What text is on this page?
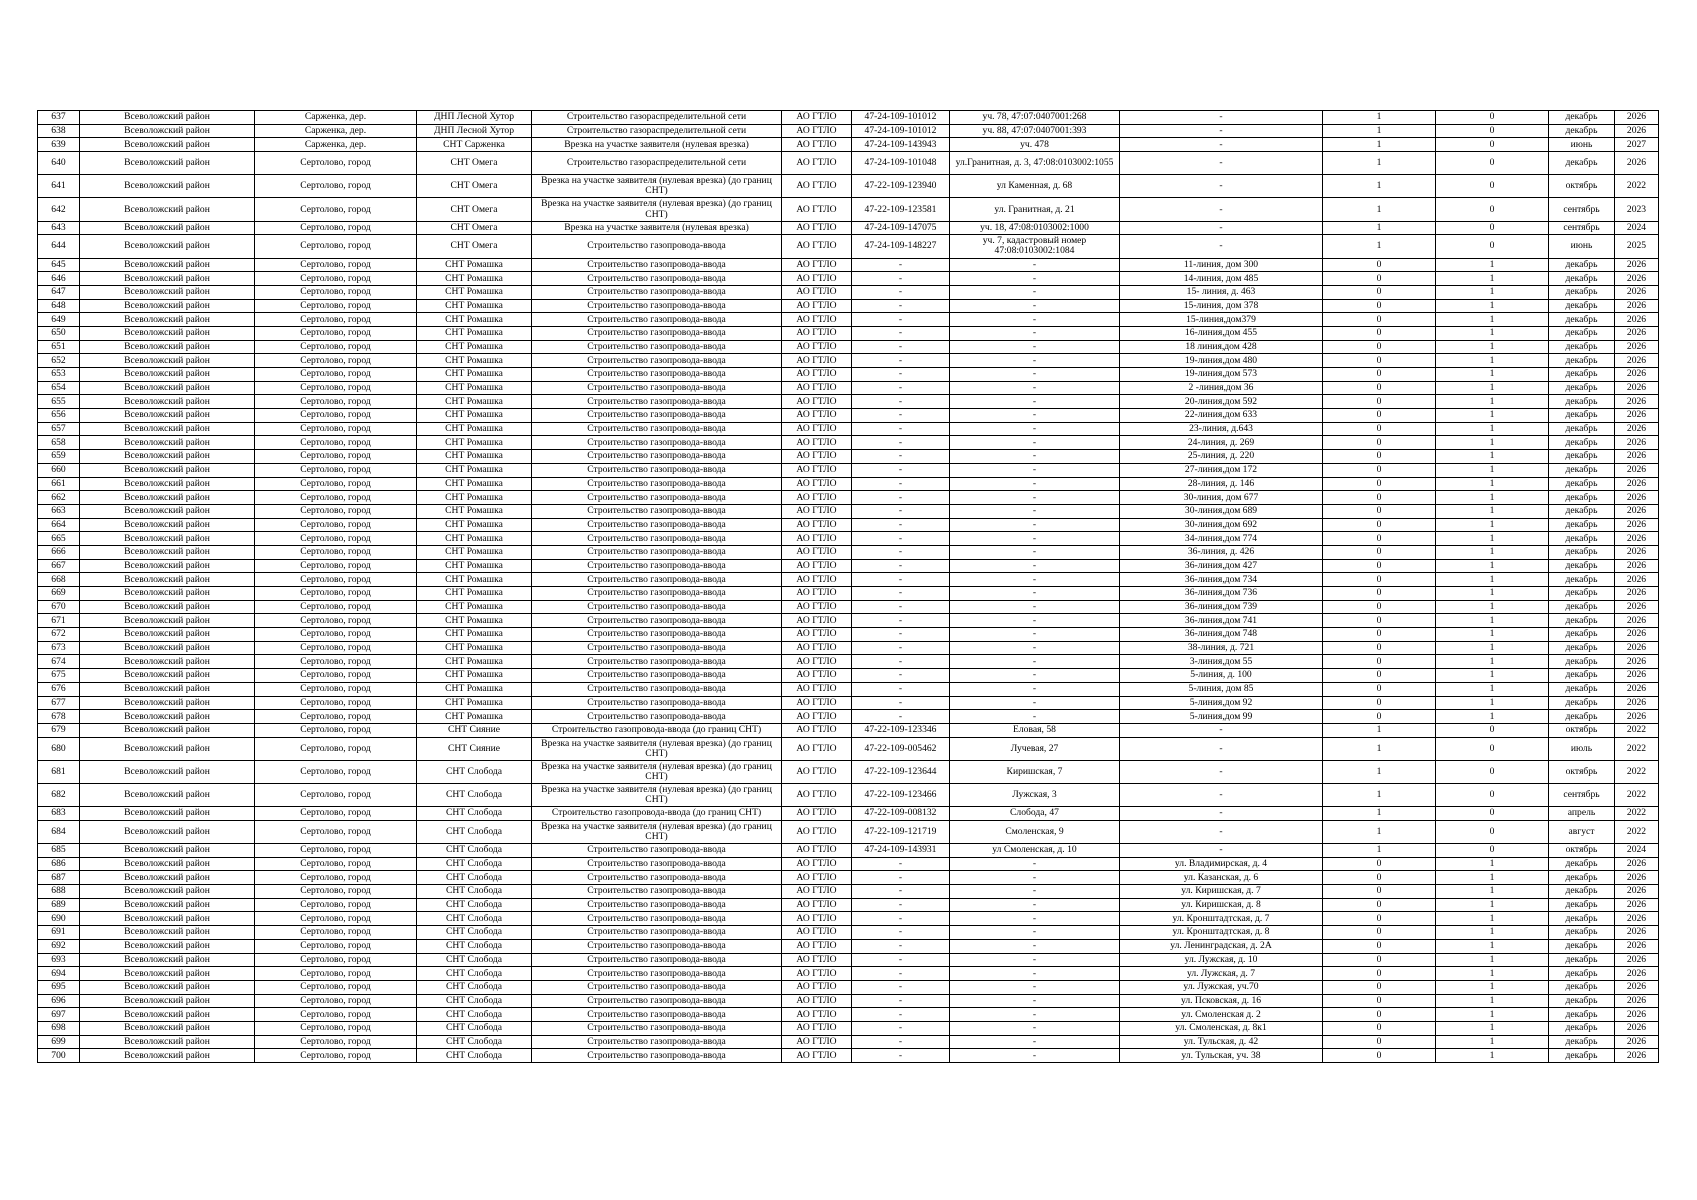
637	Всеволожский район	Сарженка, дер.	ДНП Лесной Хутор	Строительство газораспределительной сети	АО ГТЛО	47-24-109-101012	уч. 78, 47:07:0407001:268	-	1	0	декабрь	2026
638	Всеволожский район	Сарженка, дер.	ДНП Лесной Хутор	Строительство газораспределительной сети	АО ГТЛО	47-24-109-101012	уч. 88, 47:07:0407001:393	-	1	0	декабрь	2026
639	Всеволожский район	Сарженка, дер.	СНТ Сарженка	Врезка на участке заявителя (нулевая врезка)	АО ГТЛО	47-24-109-143943	уч. 478	-	1	0	июнь	2027
640	Всеволожский район	Сертолово, город	СНТ Омега	Строительство газораспределительной сети	АО ГТЛО	47-24-109-101048	ул.Гранитная, д. 3, 47:08:0103002:1055	-	1	0	декабрь	2026
641	Всеволожский район	Сертолово, город	СНТ Омега	Врезка на участке заявителя (нулевая врезка) (до границ СНТ)	АО ГТЛО	47-22-109-123940	ул Каменная, д. 68	-	1	0	октябрь	2022
642	Всеволожский район	Сертолово, город	СНТ Омега	Врезка на участке заявителя (нулевая врезка) (до границ СНТ)	АО ГТЛО	47-22-109-123581	ул. Гранитная, д. 21	-	1	0	сентябрь	2023
643	Всеволожский район	Сертолово, город	СНТ Омега	Врезка на участке заявителя (нулевая врезка)	АО ГТЛО	47-24-109-147075	уч. 18, 47:08:0103002:1000	-	1	0	сентябрь	2024
644	Всеволожский район	Сертолово, город	СНТ Омега	Строительство газопровода-ввода	АО ГТЛО	47-24-109-148227	уч. 7, кадастровый номер 47:08:0103002:1084	-	1	0	июнь	2025
645	Всеволожский район	Сертолово, город	СНТ Ромашка	Строительство газопровода-ввода	АО ГТЛО	-	-	11-линия, дом 300	0	1	декабрь	2026
646	Всеволожский район	Сертолово, город	СНТ Ромашка	Строительство газопровода-ввода	АО ГТЛО	-	-	14-линия, дом 485	0	1	декабрь	2026
647	Всеволожский район	Сертолово, город	СНТ Ромашка	Строительство газопровода-ввода	АО ГТЛО	-	-	15- линия, д. 463	0	1	декабрь	2026
648	Всеволожский район	Сертолово, город	СНТ Ромашка	Строительство газопровода-ввода	АО ГТЛО	-	-	15-линия, дом 378	0	1	декабрь	2026
649	Всеволожский район	Сертолово, город	СНТ Ромашка	Строительство газопровода-ввода	АО ГТЛО	-	-	15-линия,дом379	0	1	декабрь	2026
650	Всеволожский район	Сертолово, город	СНТ Ромашка	Строительство газопровода-ввода	АО ГТЛО	-	-	16-линия,дом 455	0	1	декабрь	2026
651	Всеволожский район	Сертолово, город	СНТ Ромашка	Строительство газопровода-ввода	АО ГТЛО	-	-	18 линия,дом 428	0	1	декабрь	2026
652	Всеволожский район	Сертолово, город	СНТ Ромашка	Строительство газопровода-ввода	АО ГТЛО	-	-	19-линия,дом 480	0	1	декабрь	2026
653	Всеволожский район	Сертолово, город	СНТ Ромашка	Строительство газопровода-ввода	АО ГТЛО	-	-	19-линия,дом 573	0	1	декабрь	2026
654	Всеволожский район	Сертолово, город	СНТ Ромашка	Строительство газопровода-ввода	АО ГТЛО	-	-	2 -линия,дом 36	0	1	декабрь	2026
655	Всеволожский район	Сертолово, город	СНТ Ромашка	Строительство газопровода-ввода	АО ГТЛО	-	-	20-линия,дом 592	0	1	декабрь	2026
656	Всеволожский район	Сертолово, город	СНТ Ромашка	Строительство газопровода-ввода	АО ГТЛО	-	-	22-линия,дом 633	0	1	декабрь	2026
657	Всеволожский район	Сертолово, город	СНТ Ромашка	Строительство газопровода-ввода	АО ГТЛО	-	-	23-линия, д.643	0	1	декабрь	2026
658	Всеволожский район	Сертолово, город	СНТ Ромашка	Строительство газопровода-ввода	АО ГТЛО	-	-	24-линия, д. 269	0	1	декабрь	2026
659	Всеволожский район	Сертолово, город	СНТ Ромашка	Строительство газопровода-ввода	АО ГТЛО	-	-	25-линия, д. 220	0	1	декабрь	2026
660	Всеволожский район	Сертолово, город	СНТ Ромашка	Строительство газопровода-ввода	АО ГТЛО	-	-	27-линия,дом 172	0	1	декабрь	2026
661	Всеволожский район	Сертолово, город	СНТ Ромашка	Строительство газопровода-ввода	АО ГТЛО	-	-	28-линия, д. 146	0	1	декабрь	2026
662	Всеволожский район	Сертолово, город	СНТ Ромашка	Строительство газопровода-ввода	АО ГТЛО	-	-	30-линия, дом 677	0	1	декабрь	2026
663	Всеволожский район	Сертолово, город	СНТ Ромашка	Строительство газопровода-ввода	АО ГТЛО	-	-	30-линия,дом 689	0	1	декабрь	2026
664	Всеволожский район	Сертолово, город	СНТ Ромашка	Строительство газопровода-ввода	АО ГТЛО	-	-	30-линия,дом 692	0	1	декабрь	2026
665	Всеволожский район	Сертолово, город	СНТ Ромашка	Строительство газопровода-ввода	АО ГТЛО	-	-	34-линия,дом 774	0	1	декабрь	2026
666	Всеволожский район	Сертолово, город	СНТ Ромашка	Строительство газопровода-ввода	АО ГТЛО	-	-	36-линия, д. 426	0	1	декабрь	2026
667	Всеволожский район	Сертолово, город	СНТ Ромашка	Строительство газопровода-ввода	АО ГТЛО	-	-	36-линия,дом 427	0	1	декабрь	2026
668	Всеволожский район	Сертолово, город	СНТ Ромашка	Строительство газопровода-ввода	АО ГТЛО	-	-	36-линия,дом 734	0	1	декабрь	2026
669	Всеволожский район	Сертолово, город	СНТ Ромашка	Строительство газопровода-ввода	АО ГТЛО	-	-	36-линия,дом 736	0	1	декабрь	2026
670	Всеволожский район	Сертолово, город	СНТ Ромашка	Строительство газопровода-ввода	АО ГТЛО	-	-	36-линия,дом 739	0	1	декабрь	2026
671	Всеволожский район	Сертолово, город	СНТ Ромашка	Строительство газопровода-ввода	АО ГТЛО	-	-	36-линия,дом 741	0	1	декабрь	2026
672	Всеволожский район	Сертолово, город	СНТ Ромашка	Строительство газопровода-ввода	АО ГТЛО	-	-	36-линия,дом 748	0	1	декабрь	2026
673	Всеволожский район	Сертолово, город	СНТ Ромашка	Строительство газопровода-ввода	АО ГТЛО	-	-	38-линия, д. 721	0	1	декабрь	2026
674	Всеволожский район	Сертолово, город	СНТ Ромашка	Строительство газопровода-ввода	АО ГТЛО	-	-	3-линия,дом 55	0	1	декабрь	2026
675	Всеволожский район	Сертолово, город	СНТ Ромашка	Строительство газопровода-ввода	АО ГТЛО	-	-	5-линия, д. 100	0	1	декабрь	2026
676	Всеволожский район	Сертолово, город	СНТ Ромашка	Строительство газопровода-ввода	АО ГТЛО	-	-	5-линия, дом 85	0	1	декабрь	2026
677	Всеволожский район	Сертолово, город	СНТ Ромашка	Строительство газопровода-ввода	АО ГТЛО	-	-	5-линия,дом 92	0	1	декабрь	2026
678	Всеволожский район	Сертолово, город	СНТ Ромашка	Строительство газопровода-ввода	АО ГТЛО	-	-	5-линия,дом 99	0	1	декабрь	2026
679	Всеволожский район	Сертолово, город	СНТ Сияние	Строительство газопровода-ввода (до границ СНТ)	АО ГТЛО	47-22-109-123346	Еловая, 58	-	1	0	октябрь	2022
680	Всеволожский район	Сертолово, город	СНТ Сияние	Врезка на участке заявителя (нулевая врезка) (до границ СНТ)	АО ГТЛО	47-22-109-005462	Лучевая, 27	-	1	0	июль	2022
681	Всеволожский район	Сертолово, город	СНТ Слобода	Врезка на участке заявителя (нулевая врезка) (до границ СНТ)	АО ГТЛО	47-22-109-123644	Киришская, 7	-	1	0	октябрь	2022
682	Всеволожский район	Сертолово, город	СНТ Слобода	Врезка на участке заявителя (нулевая врезка) (до границ СНТ)	АО ГТЛО	47-22-109-123466	Лужская, 3	-	1	0	сентябрь	2022
683	Всеволожский район	Сертолово, город	СНТ Слобода	Строительство газопровода-ввода (до границ СНТ)	АО ГТЛО	47-22-109-008132	Слобода, 47	-	1	0	апрель	2022
684	Всеволожский район	Сертолово, город	СНТ Слобода	Врезка на участке заявителя (нулевая врезка) (до границ СНТ)	АО ГТЛО	47-22-109-121719	Смоленская, 9	-	1	0	август	2022
685	Всеволожский район	Сертолово, город	СНТ Слобода	Строительство газопровода-ввода	АО ГТЛО	47-24-109-143931	ул Смоленская, д. 10	-	1	0	октябрь	2024
686	Всеволожский район	Сертолово, город	СНТ Слобода	Строительство газопровода-ввода	АО ГТЛО	-	-	ул. Владимирская, д. 4	0	1	декабрь	2026
687	Всеволожский район	Сертолово, город	СНТ Слобода	Строительство газопровода-ввода	АО ГТЛО	-	-	ул. Казанская, д. 6	0	1	декабрь	2026
688	Всеволожский район	Сертолово, город	СНТ Слобода	Строительство газопровода-ввода	АО ГТЛО	-	-	ул. Киришская, д. 7	0	1	декабрь	2026
689	Всеволожский район	Сертолово, город	СНТ Слобода	Строительство газопровода-ввода	АО ГТЛО	-	-	ул. Киришская, д. 8	0	1	декабрь	2026
690	Всеволожский район	Сертолово, город	СНТ Слобода	Строительство газопровода-ввода	АО ГТЛО	-	-	ул. Кронштадтская, д. 7	0	1	декабрь	2026
691	Всеволожский район	Сертолово, город	СНТ Слобода	Строительство газопровода-ввода	АО ГТЛО	-	-	ул. Кронштадтская, д. 8	0	1	декабрь	2026
692	Всеволожский район	Сертолово, город	СНТ Слобода	Строительство газопровода-ввода	АО ГТЛО	-	-	ул. Ленинградская, д. 2А	0	1	декабрь	2026
693	Всеволожский район	Сертолово, город	СНТ Слобода	Строительство газопровода-ввода	АО ГТЛО	-	-	ул. Лужская, д. 10	0	1	декабрь	2026
694	Всеволожский район	Сертолово, город	СНТ Слобода	Строительство газопровода-ввода	АО ГТЛО	-	-	ул. Лужская, д. 7	0	1	декабрь	2026
695	Всеволожский район	Сертолово, город	СНТ Слобода	Строительство газопровода-ввода	АО ГТЛО	-	-	ул. Лужская, уч.70	0	1	декабрь	2026
696	Всеволожский район	Сертолово, город	СНТ Слобода	Строительство газопровода-ввода	АО ГТЛО	-	-	ул. Псковская, д. 16	0	1	декабрь	2026
697	Всеволожский район	Сертолово, город	СНТ Слобода	Строительство газопровода-ввода	АО ГТЛО	-	-	ул. Смоленская д. 2	0	1	декабрь	2026
698	Всеволожский район	Сертолово, город	СНТ Слобода	Строительство газопровода-ввода	АО ГТЛО	-	-	ул. Смоленская, д. 8к1	0	1	декабрь	2026
699	Всеволожский район	Сертолово, город	СНТ Слобода	Строительство газопровода-ввода	АО ГТЛО	-	-	ул. Тульская, д. 42	0	1	декабрь	2026
700	Всеволожский район	Сертолово, город	СНТ Слобода	Строительство газопровода-ввода	АО ГТЛО	-	-	ул. Тульская, уч. 38	0	1	декабрь	2026
